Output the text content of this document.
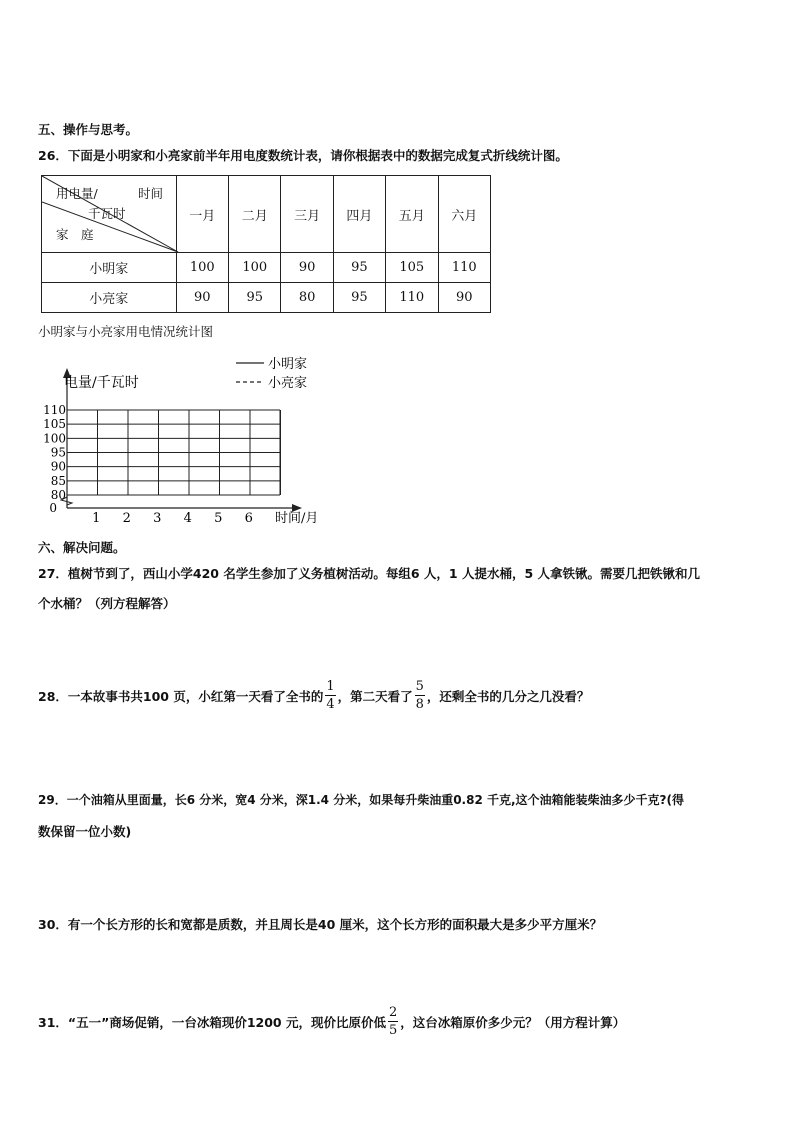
五、操作与思考。
26．下面是小明家和小亮家前半年用电度数统计表，请你根据表中的数据完成复式折线统计图。
用电量/ 时间
千瓦时
家　庭	一月	二月	三月	四月	五月	六月
小明家	100	100	90	95	105	110
小亮家	90	95	80	95	110	90
小明家与小亮家用电情况统计图
0
80
85
90
95
100
105
110
1 2 3 4 5 6
电量/千瓦时
时间/月
小明家
小亮家
六、解决问题。
27．植树节到了，西山小学420 名学生参加了义务植树活动。每组6 人，1 人提水桶，5 人拿铁锹。需要几把铁锹和几
个水桶？（列方程解答）
28．一本故事书共100 页，小红第一天看了全书的 $\frac{1}{4}$ ，第二天看了 $\frac{5}{8}$ ，还剩全书的几分之几没看？
29．一个油箱从里面量，长6 分米，宽4 分米，深1.4 分米，如果每升柴油重0.82 千克,这个油箱能装柴油多少千克?(得
数保留一位小数)
30．有一个长方形的长和宽都是质数，并且周长是40 厘米，这个长方形的面积最大是多少平方厘米？
31．“五一”商场促销，一台冰箱现价1200 元，现价比原价低 $\frac{2}{5}$ ，这台冰箱原价多少元？（用方程计算）
